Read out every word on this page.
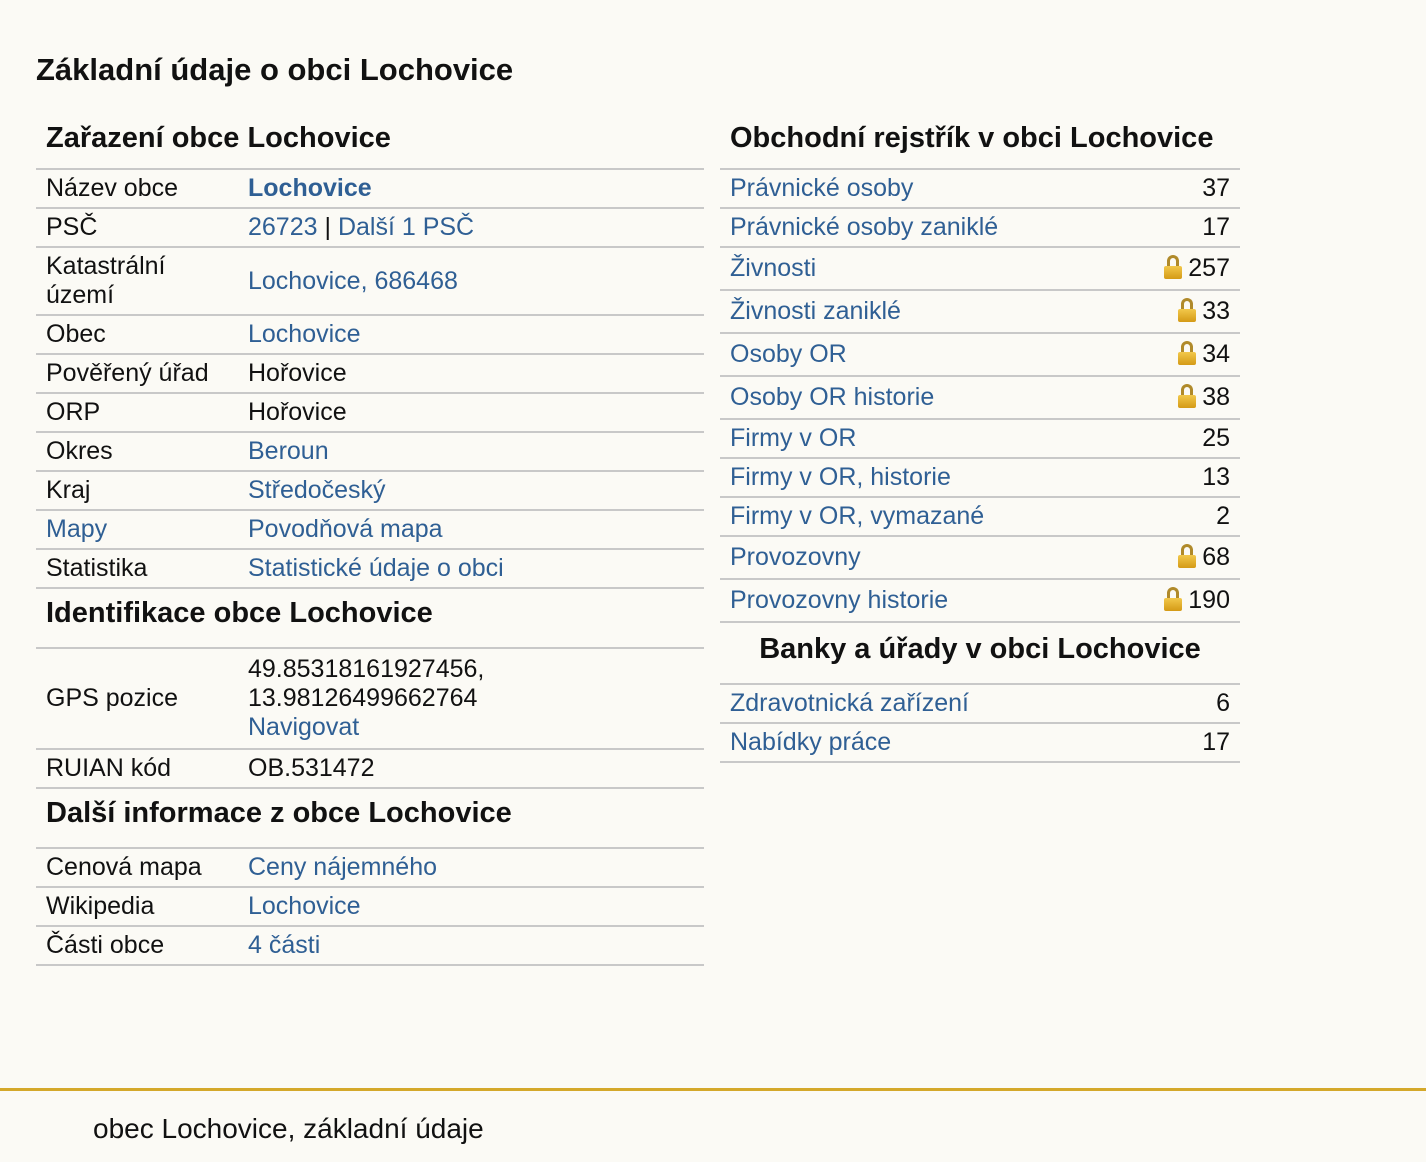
Základní údaje o obci Lochovice
Zařazení obce Lochovice
Název obce	Lochovice
PSČ	26723 | Další 1 PSČ
Katastrální
území	Lochovice, 686468
Obec	Lochovice
Pověřený úřad	Hořovice
ORP	Hořovice
Okres	Beroun
Kraj	Středočeský
Mapy	Povodňová mapa
Statistika	Statistické údaje o obci
Identifikace obce Lochovice
GPS pozice	49.85318161927456,
13.98126499662764
Navigovat
RUIAN kód	OB.531472
Další informace z obce Lochovice
Cenová mapa	Ceny nájemného
Wikipedia	Lochovice
Části obce	4 části
Obchodní rejstřík v obci Lochovice
Právnické osoby	37
Právnické osoby zaniklé	17
Živnosti	257
Živnosti zaniklé	33
Osoby OR	34
Osoby OR historie	38
Firmy v OR	25
Firmy v OR, historie	13
Firmy v OR, vymazané	2
Provozovny	68
Provozovny historie	190
Banky a úřady v obci Lochovice
Zdravotnická zařízení	6
Nabídky práce	17
obec Lochovice, základní údaje
